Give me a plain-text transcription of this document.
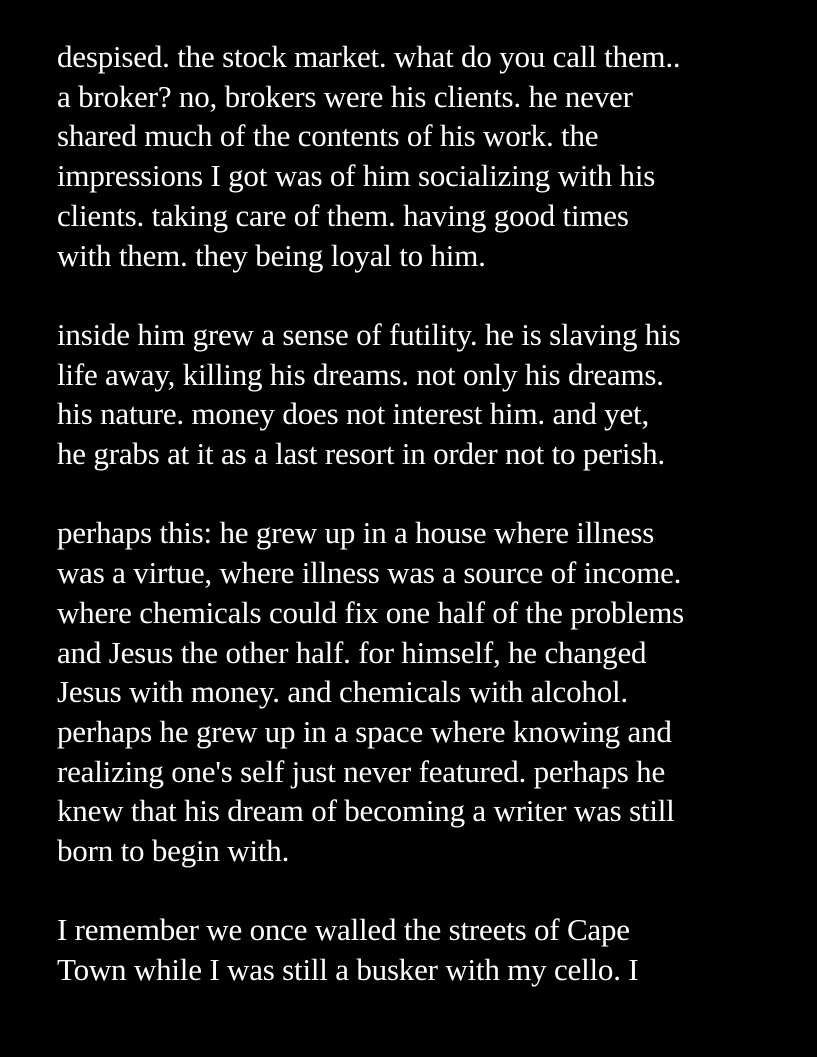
despised. the stock market. what do you call them..
a broker? no, brokers were his clients. he never
shared much of the contents of his work. the
impressions I got was of him socializing with his
clients. taking care of them. having good times
with them. they being loyal to him.

inside him grew a sense of futility. he is slaving his
life away, killing his dreams. not only his dreams.
his nature. money does not interest him. and yet,
he grabs at it as a last resort in order not to perish.

perhaps this: he grew up in a house where illness
was a virtue, where illness was a source of income.
where chemicals could fix one half of the problems
and Jesus the other half. for himself, he changed
Jesus with money. and chemicals with alcohol.
perhaps he grew up in a space where knowing and
realizing one's self just never featured. perhaps he
knew that his dream of becoming a writer was still
born to begin with.

I remember we once walled the streets of Cape
Town while I was still a busker with my cello. I
